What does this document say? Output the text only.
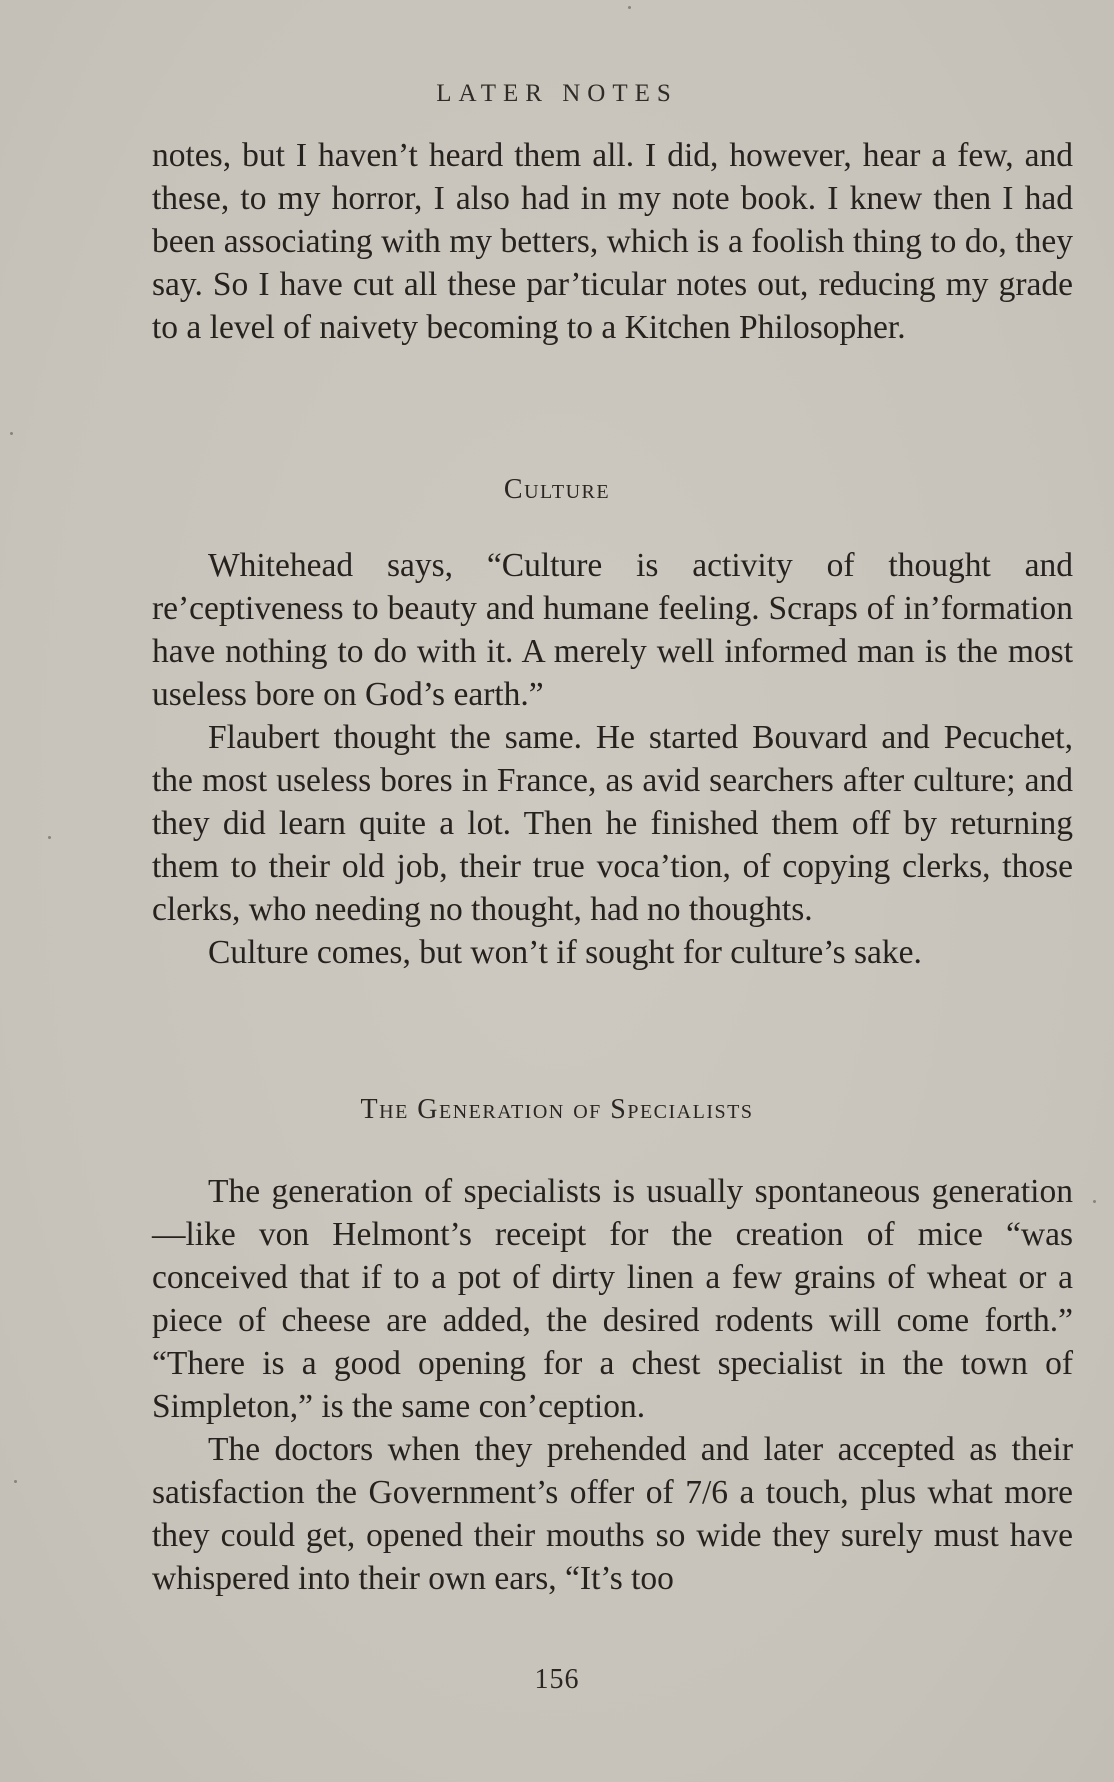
LATER NOTES

notes, but I haven’t heard them all. I did, however, hear a few, and these, to my horror, I also had in my note book. I knew then I had been associating with my betters, which is a foolish thing to do, they say. So I have cut all these par’ticular notes out, reducing my grade to a level of naivety becoming to a Kitchen Philosopher.

Culture

Whitehead says, “Culture is activity of thought and re’ceptiveness to beauty and humane feeling. Scraps of in’formation have nothing to do with it. A merely well informed man is the most useless bore on God’s earth.”

Flaubert thought the same. He started Bouvard and Pecuchet, the most useless bores in France, as avid searchers after culture; and they did learn quite a lot. Then he finished them off by returning them to their old job, their true voca’tion, of copying clerks, those clerks, who needing no thought, had no thoughts.

Culture comes, but won’t if sought for culture’s sake.

The Generation of Specialists

The generation of specialists is usually spontaneous generation—like von Helmont’s receipt for the creation of mice “was conceived that if to a pot of dirty linen a few grains of wheat or a piece of cheese are added, the desired rodents will come forth.” “There is a good opening for a chest specialist in the town of Simpleton,” is the same con’ception.

The doctors when they prehended and later accepted as their satisfaction the Government’s offer of 7/6 a touch, plus what more they could get, opened their mouths so wide they surely must have whispered into their own ears, “It’s too

156
